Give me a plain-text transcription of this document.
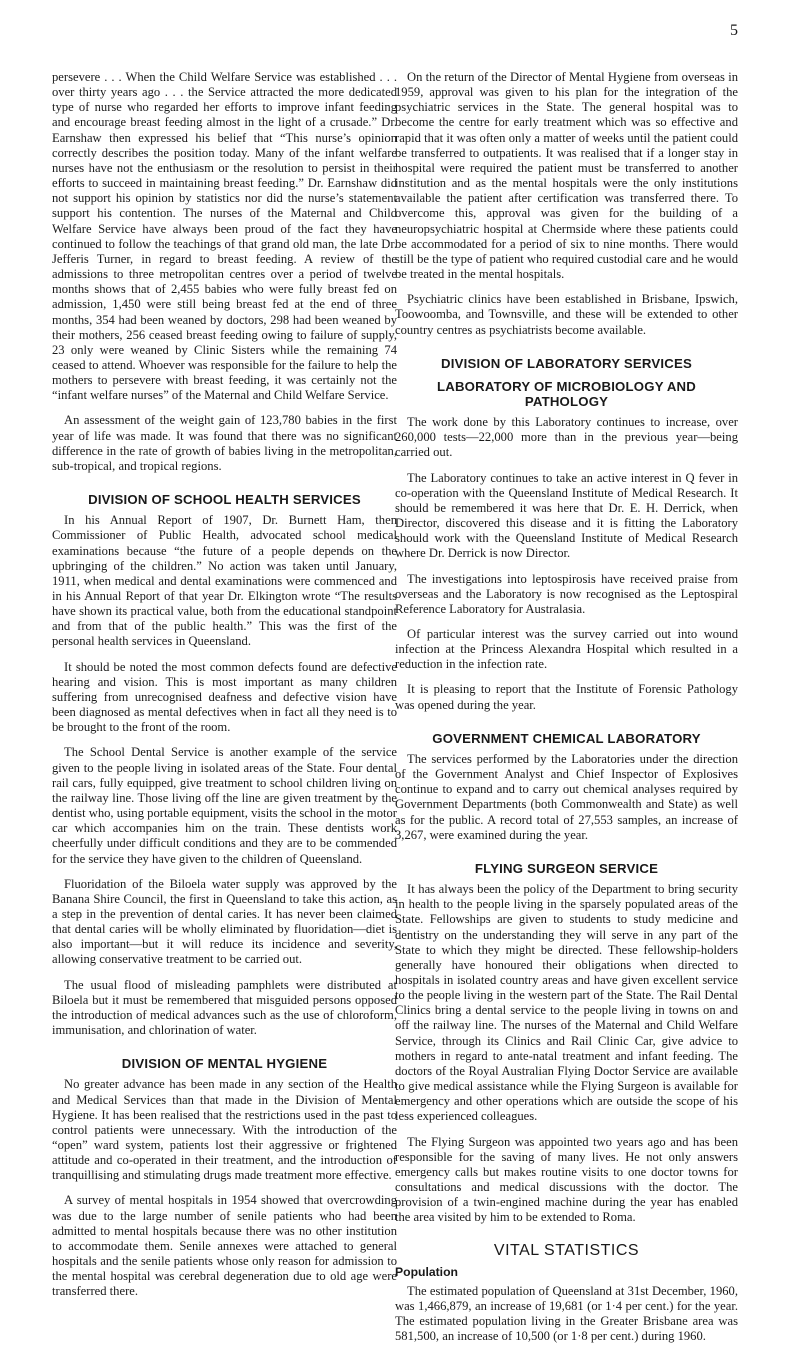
5

persevere . . . When the Child Welfare Service was established . . . over thirty years ago . . . the Service attracted the more dedicated type of nurse who regarded her efforts to improve infant feeding and encourage breast feeding almost in the light of a crusade.” Dr. Earnshaw then expressed his belief that “This nurse’s opinion correctly describes the position today. Many of the infant welfare nurses have not the enthusiasm or the resolution to persist in their efforts to succeed in maintaining breast feeding.” Dr. Earnshaw did not support his opinion by statistics nor did the nurse’s statement support his contention. The nurses of the Maternal and Child Welfare Service have always been proud of the fact they have continued to follow the teachings of that grand old man, the late Dr. Jefferis Turner, in regard to breast feeding. A review of the admissions to three metropolitan centres over a period of twelve months shows that of 2,455 babies who were fully breast fed on admission, 1,450 were still being breast fed at the end of three months, 354 had been weaned by doctors, 298 had been weaned by their mothers, 256 ceased breast feeding owing to failure of supply, 23 only were weaned by Clinic Sisters while the remaining 74 ceased to attend. Whoever was responsible for the failure to help the mothers to persevere with breast feeding, it was certainly not the “infant welfare nurses” of the Maternal and Child Welfare Service.

An assessment of the weight gain of 123,780 babies in the first year of life was made. It was found that there was no significant difference in the rate of growth of babies living in the metropolitan, sub-tropical, and tropical regions.

DIVISION OF SCHOOL HEALTH SERVICES

In his Annual Report of 1907, Dr. Burnett Ham, then Commissioner of Public Health, advocated school medical examinations because “the future of a people depends on the upbringing of the children.” No action was taken until January, 1911, when medical and dental examinations were commenced and in his Annual Report of that year Dr. Elkington wrote “The results have shown its practical value, both from the educational standpoint and from that of the public health.” This was the first of the personal health services in Queensland.

It should be noted the most common defects found are defective hearing and vision. This is most important as many children suffering from unrecognised deafness and defective vision have been diagnosed as mental defectives when in fact all they need is to be brought to the front of the room.

The School Dental Service is another example of the service given to the people living in isolated areas of the State. Four dental rail cars, fully equipped, give treatment to school children living on the railway line. Those living off the line are given treatment by the dentist who, using portable equipment, visits the school in the motor car which accompanies him on the train. These dentists work cheerfully under difficult conditions and they are to be commended for the service they have given to the children of Queensland.

Fluoridation of the Biloela water supply was approved by the Banana Shire Council, the first in Queensland to take this action, as a step in the prevention of dental caries. It has never been claimed that dental caries will be wholly eliminated by fluoridation—diet is also important—but it will reduce its incidence and severity, allowing conservative treatment to be carried out.

The usual flood of misleading pamphlets were distributed at Biloela but it must be remembered that misguided persons opposed the introduction of medical advances such as the use of chloroform, immunisation, and chlorination of water.

DIVISION OF MENTAL HYGIENE

No greater advance has been made in any section of the Health and Medical Services than that made in the Division of Mental Hygiene. It has been realised that the restrictions used in the past to control patients were unnecessary. With the introduction of the “open” ward system, patients lost their aggressive or frightened attitude and co-operated in their treatment, and the introduction of tranquillising and stimulating drugs made treatment more effective.

A survey of mental hospitals in 1954 showed that overcrowding was due to the large number of senile patients who had been admitted to mental hospitals because there was no other institution to accommodate them. Senile annexes were attached to general hospitals and the senile patients whose only reason for admission to the mental hospital was cerebral degeneration due to old age were transferred there.

On the return of the Director of Mental Hygiene from overseas in 1959, approval was given to his plan for the integration of the psychiatric services in the State. The general hospital was to become the centre for early treatment which was so effective and rapid that it was often only a matter of weeks until the patient could be transferred to outpatients. It was realised that if a longer stay in hospital were required the patient must be transferred to another institution and as the mental hospitals were the only institutions available the patient after certification was transferred there. To overcome this, approval was given for the building of a neuropsychiatric hospital at Chermside where these patients could be accommodated for a period of six to nine months. There would still be the type of patient who required custodial care and he would be treated in the mental hospitals.

Psychiatric clinics have been established in Brisbane, Ipswich, Toowoomba, and Townsville, and these will be extended to other country centres as psychiatrists become available.

DIVISION OF LABORATORY SERVICES
LABORATORY OF MICROBIOLOGY AND PATHOLOGY

The work done by this Laboratory continues to increase, over 260,000 tests—22,000 more than in the previous year—being carried out.

The Laboratory continues to take an active interest in Q fever in co-operation with the Queensland Institute of Medical Research. It should be remembered it was here that Dr. E. H. Derrick, when Director, discovered this disease and it is fitting the Laboratory should work with the Queensland Institute of Medical Research where Dr. Derrick is now Director.

The investigations into leptospirosis have received praise from overseas and the Laboratory is now recognised as the Leptospiral Reference Laboratory for Australasia.

Of particular interest was the survey carried out into wound infection at the Princess Alexandra Hospital which resulted in a reduction in the infection rate.

It is pleasing to report that the Institute of Forensic Pathology was opened during the year.

GOVERNMENT CHEMICAL LABORATORY

The services performed by the Laboratories under the direction of the Government Analyst and Chief Inspector of Explosives continue to expand and to carry out chemical analyses required by Government Departments (both Commonwealth and State) as well as for the public. A record total of 27,553 samples, an increase of 3,267, were examined during the year.

FLYING SURGEON SERVICE

It has always been the policy of the Department to bring security in health to the people living in the sparsely populated areas of the State. Fellowships are given to students to study medicine and dentistry on the understanding they will serve in any part of the State to which they might be directed. These fellowship-holders generally have honoured their obligations when directed to hospitals in isolated country areas and have given excellent service to the people living in the western part of the State. The Rail Dental Clinics bring a dental service to the people living in towns on and off the railway line. The nurses of the Maternal and Child Welfare Service, through its Clinics and Rail Clinic Car, give advice to mothers in regard to ante-natal treatment and infant feeding. The doctors of the Royal Australian Flying Doctor Service are available to give medical assistance while the Flying Surgeon is available for emergency and other operations which are outside the scope of his less experienced colleagues.

The Flying Surgeon was appointed two years ago and has been responsible for the saving of many lives. He not only answers emergency calls but makes routine visits to one doctor towns for consultations and medical discussions with the doctor. The provision of a twin-engined machine during the year has enabled the area visited by him to be extended to Roma.

VITAL STATISTICS
Population

The estimated population of Queensland at 31st December, 1960, was 1,466,879, an increase of 19,681 (or 1·4 per cent.) for the year. The estimated population living in the Greater Brisbane area was 581,500, an increase of 10,500 (or 1·8 per cent.) during 1960.
